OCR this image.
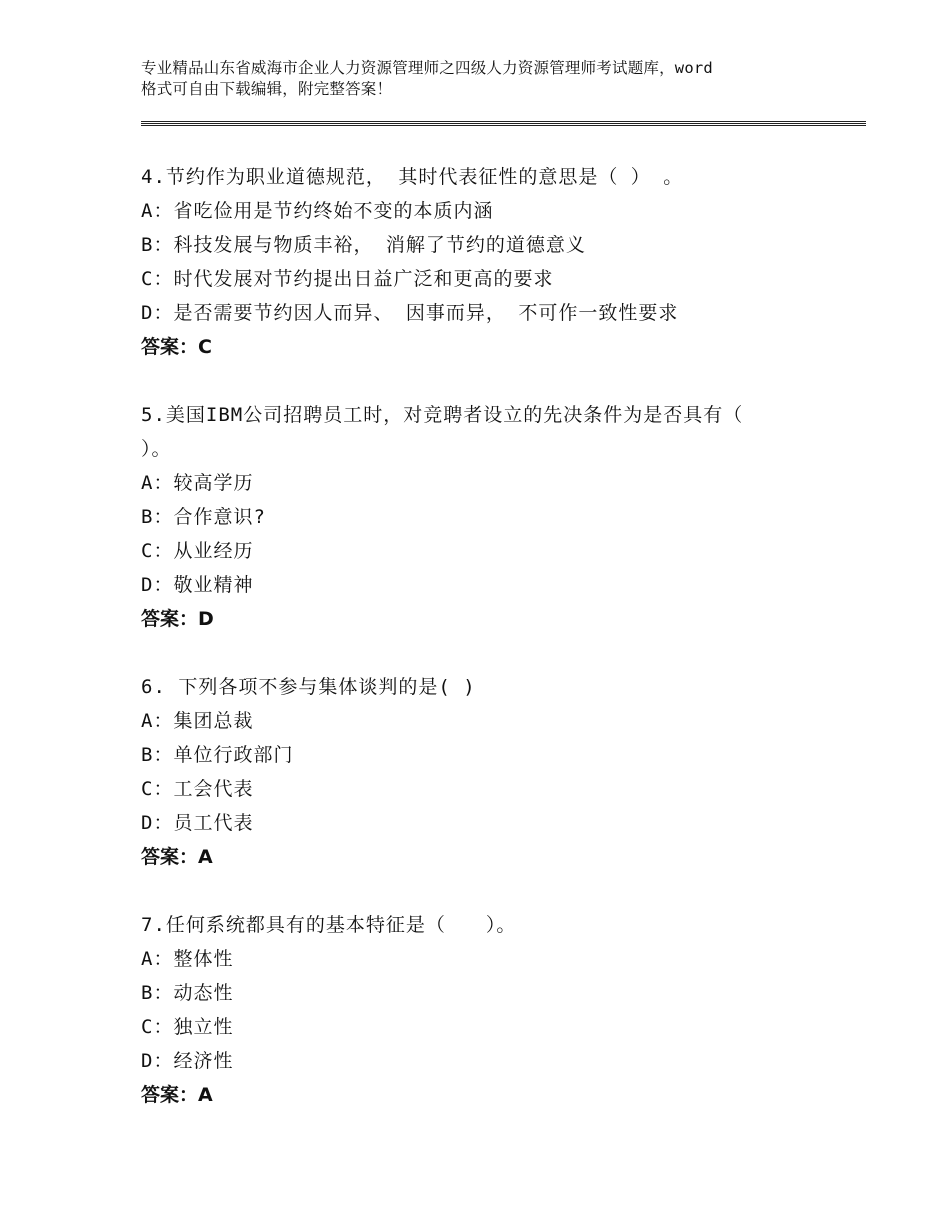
专业精品山东省威海市企业人力资源管理师之四级人力资源管理师考试题库，word
格式可自由下载编辑，附完整答案！
4.节约作为职业道德规范， 其时代表征性的意思是（ ） 。
A：省吃俭用是节约终始不变的本质内涵
B：科技发展与物质丰裕， 消解了节约的道德意义
C：时代发展对节约提出日益广泛和更高的要求
D：是否需要节约因人而异、 因事而异， 不可作一致性要求
答案：C
5.美国IBM公司招聘员工时，对竞聘者设立的先决条件为是否具有（
）。
A：较高学历
B：合作意识?
C：从业经历
D：敬业精神
答案：D
6. 下列各项不参与集体谈判的是( )
A：集团总裁
B：单位行政部门
C：工会代表
D：员工代表
答案：A
7.任何系统都具有的基本特征是（　　）。
A：整体性
B：动态性
C：独立性
D：经济性
答案：A
